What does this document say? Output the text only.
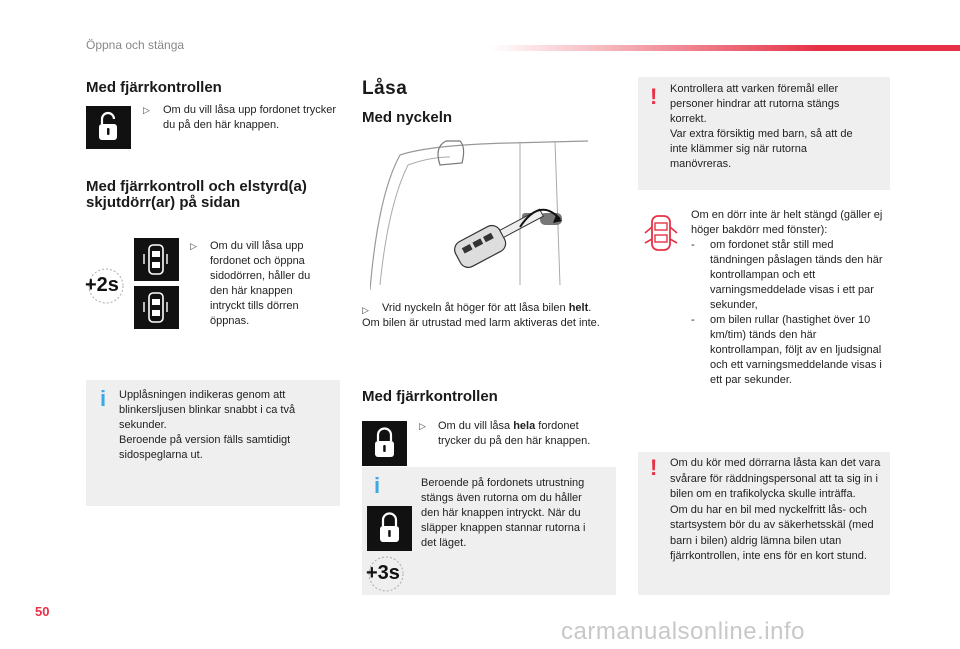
Öppna och stänga
Med fjärrkontrollen
▷ Om du vill låsa upp fordonet trycker du på den här knappen.
Med fjärrkontroll och elstyrd(a)
skjutdörr(ar) på sidan
+2s
▷ Om du vill låsa upp fordonet och öppna sidodörren, håller du den här knappen intryckt tills dörren öppnas.
i Upplåsningen indikeras genom att blinkersljusen blinkar snabbt i ca två sekunder.
Beroende på version fälls samtidigt sidospeglarna ut.
Låsa
Med nyckeln
▷	Vrid nyckeln åt höger för att låsa bilen helt.
Om bilen är utrustad med larm aktiveras det inte.
Med fjärrkontrollen
▷ Om du vill låsa hela fordonet trycker du på den här knappen.
i
+3s
Beroende på fordonets utrustning stängs även rutorna om du håller den här knappen intryckt. När du släpper knappen stannar rutorna i det läget.
! Kontrollera att varken föremål eller personer hindrar att rutorna stängs korrekt.
Var extra försiktig med barn, så att de inte klämmer sig när rutorna manövreras.
Om en dörr inte är helt stängd (gäller ej höger bakdörr med fönster):
- om fordonet står still med tändningen påslagen tänds den här kontrollampan och ett varningsmeddelade visas i ett par sekunder,
- om bilen rullar (hastighet över 10 km/tim) tänds den här kontrollampan, följt av en ljudsignal och ett varningsmeddelande visas i ett par sekunder.
! Om du kör med dörrarna låsta kan det vara svårare för räddningspersonal att ta sig in i bilen om en trafikolycka skulle inträffa.
Om du har en bil med nyckelfritt lås- och startsystem bör du av säkerhetsskäl (med barn i bilen) aldrig lämna bilen utan fjärrkontrollen, inte ens för en kort stund.
50
carmanualsonline.info
